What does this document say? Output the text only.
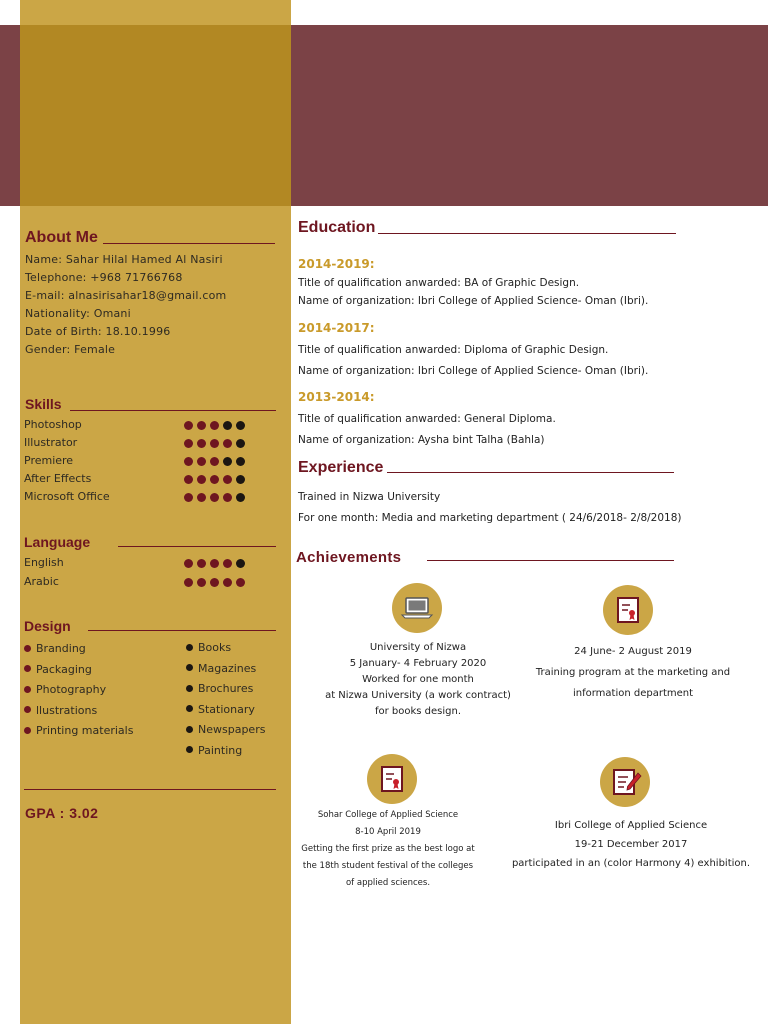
About Me
Name: Sahar Hilal Hamed Al Nasiri
Telephone: +968 71766768
E-mail: alnasirisahar18@gmail.com
Nationality: Omani
Date of Birth: 18.10.1996
Gender: Female
Skills
Photoshop
Illustrator
Premiere
After Effects
Microsoft Office
Language
English
Arabic
Design
Branding
Packaging
Photography
llustrations
Printing materials
Books
Magazines
Brochures
Stationary
Newspapers
Painting
GPA : 3.02
Education
2014-2019:
Title of qualification anwarded: BA of Graphic Design.
Name of organization: Ibri College of Applied Science- Oman (Ibri).
2014-2017:
Title of qualification anwarded: Diploma of Graphic Design.
Name of organization: Ibri College of Applied Science- Oman (Ibri).
2013-2014:
Title of qualification anwarded: General Diploma.
Name of organization: Aysha bint Talha (Bahla)
Experience
Trained in Nizwa University
For one month: Media and marketing department ( 24/6/2018- 2/8/2018)
Achievements
University of Nizwa
5 January- 4 February 2020
Worked for one month
at Nizwa University (a work contract)
for books design.
24 June- 2 August 2019
Training program at the marketing and
information department
Sohar College of Applied Science
8-10 April 2019
Getting the first prize as the best logo at
the 18th student festival of the colleges
of applied sciences.
Ibri College of Applied Science
19-21 December 2017
participated in an (color Harmony 4) exhibition.
